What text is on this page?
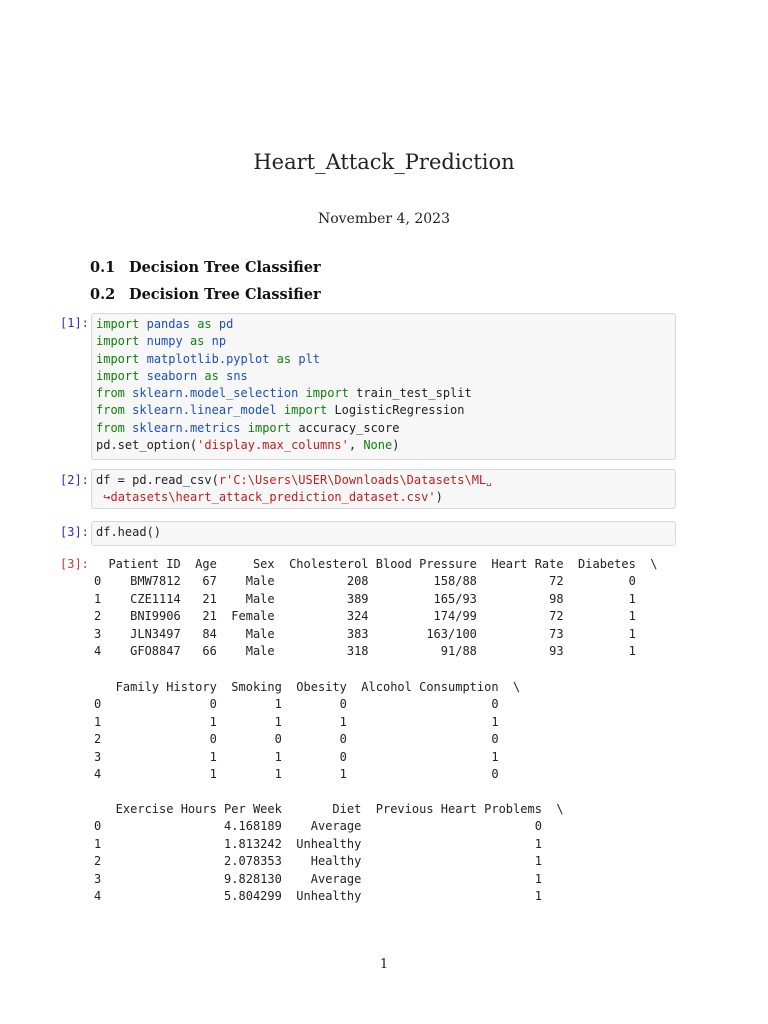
Heart_Attack_Prediction
November 4, 2023
0.1 Decision Tree Classifier
0.2 Decision Tree Classifier
[1]: import pandas as pd
import numpy as np
import matplotlib.pyplot as plt
import seaborn as sns
from sklearn.model_selection import train_test_split
from sklearn.linear_model import LogisticRegression
from sklearn.metrics import accuracy_score
pd.set_option('display.max_columns', None)
[2]: df = pd.read_csv(r'C:\Users\USER\Downloads\Datasets\ML␣
↪datasets\heart_attack_prediction_dataset.csv')
[3]: df.head()
[3]:	Patient ID  Age     Sex  Cholesterol Blood Pressure  Heart Rate  Diabetes  \
0    BMW7812   67    Male          208         158/88          72         0
1    CZE1114   21    Male          389         165/93          98         1
2    BNI9906   21  Female          324         174/99          72         1
3    JLN3497   84    Male          383        163/100          73         1
4    GFO8847   66    Male          318          91/88          93         1
Family History  Smoking  Obesity  Alcohol Consumption  \
0               0        1        0                    0
1               1        1        1                    1
2               0        0        0                    0
3               1        1        0                    1
4               1        1        1                    0
Exercise Hours Per Week       Diet  Previous Heart Problems  \
0                 4.168189    Average                        0
1                 1.813242  Unhealthy                        1
2                 2.078353    Healthy                        1
3                 9.828130    Average                        1
4                 5.804299  Unhealthy                        1
1
